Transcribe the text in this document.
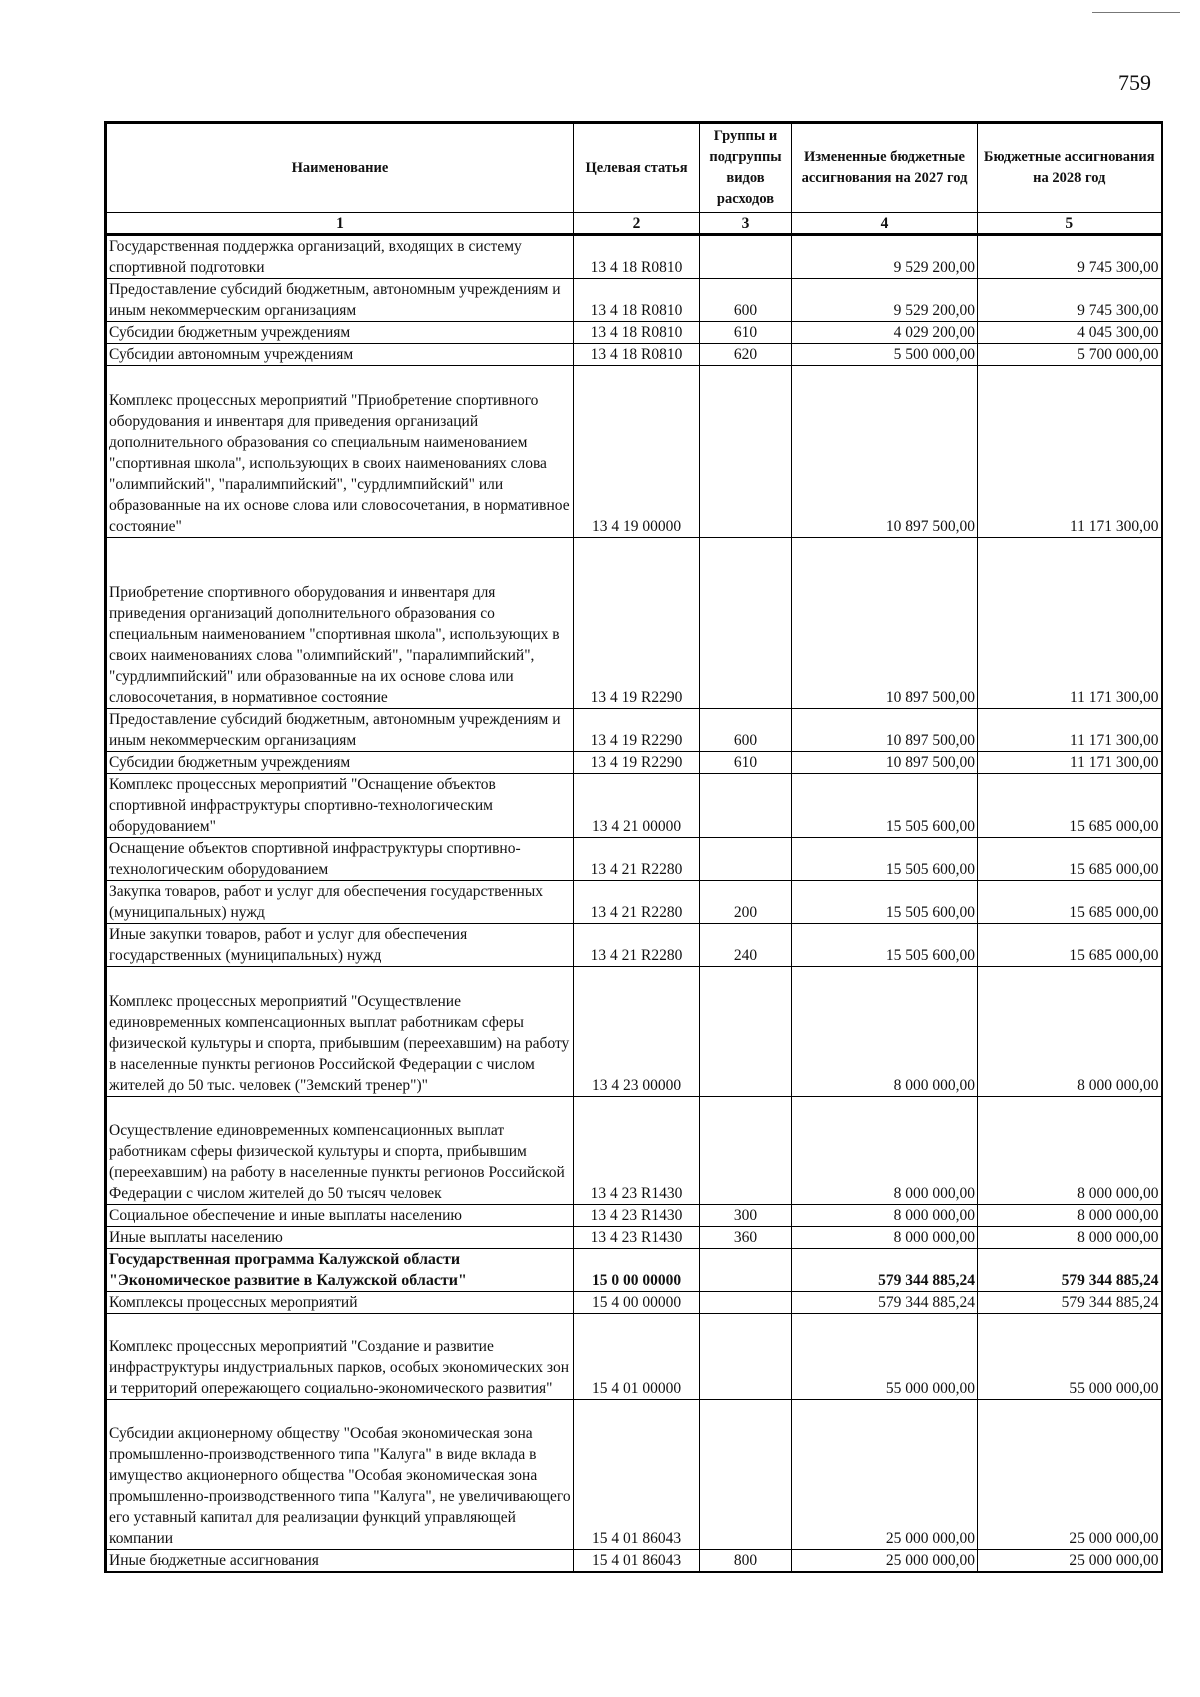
759
Наименование	Целевая статья	Группы и подгруппы видов расходов	Измененные бюджетные ассигнования на 2027 год	Бюджетные ассигнования на 2028 год
1	2	3	4	5
Государственная поддержка организаций, входящих в систему спортивной подготовки	13 4 18 R0810		9 529 200,00	9 745 300,00
Предоставление субсидий бюджетным, автономным учреждениям и иным некоммерческим организациям	13 4 18 R0810	600	9 529 200,00	9 745 300,00
Субсидии бюджетным учреждениям	13 4 18 R0810	610	4 029 200,00	4 045 300,00
Субсидии автономным учреждениям	13 4 18 R0810	620	5 500 000,00	5 700 000,00
Комплекс процессных мероприятий "Приобретение спортивного оборудования и инвентаря для приведения организаций дополнительного образования со специальным наименованием "спортивная школа", использующих в своих наименованиях слова "олимпийский", "паралимпийский", "сурдлимпийский" или образованные на их основе слова или словосочетания, в нормативное состояние"	13 4 19 00000		10 897 500,00	11 171 300,00
Приобретение спортивного оборудования и инвентаря для приведения организаций дополнительного образования со специальным наименованием "спортивная школа", использующих в своих наименованиях слова "олимпийский", "паралимпийский", "сурдлимпийский" или образованные на их основе слова или словосочетания, в нормативное состояние	13 4 19 R2290		10 897 500,00	11 171 300,00
Предоставление субсидий бюджетным, автономным учреждениям и иным некоммерческим организациям	13 4 19 R2290	600	10 897 500,00	11 171 300,00
Субсидии бюджетным учреждениям	13 4 19 R2290	610	10 897 500,00	11 171 300,00
Комплекс процессных мероприятий "Оснащение объектов спортивной инфраструктуры спортивно-технологическим оборудованием"	13 4 21 00000		15 505 600,00	15 685 000,00
Оснащение объектов спортивной инфраструктуры спортивно-технологическим оборудованием	13 4 21 R2280		15 505 600,00	15 685 000,00
Закупка товаров, работ и услуг для обеспечения государственных (муниципальных) нужд	13 4 21 R2280	200	15 505 600,00	15 685 000,00
Иные закупки товаров, работ и услуг для обеспечения государственных (муниципальных) нужд	13 4 21 R2280	240	15 505 600,00	15 685 000,00
Комплекс процессных мероприятий "Осуществление единовременных компенсационных выплат работникам сферы физической культуры и спорта, прибывшим (переехавшим) на работу в населенные пункты регионов Российской Федерации с числом жителей до 50 тыс. человек ("Земский тренер")"	13 4 23 00000		8 000 000,00	8 000 000,00
Осуществление единовременных компенсационных выплат работникам сферы физической культуры и спорта, прибывшим (переехавшим) на работу в населенные пункты регионов Российской Федерации с числом жителей до 50 тысяч человек	13 4 23 R1430		8 000 000,00	8 000 000,00
Социальное обеспечение и иные выплаты населению	13 4 23 R1430	300	8 000 000,00	8 000 000,00
Иные выплаты населению	13 4 23 R1430	360	8 000 000,00	8 000 000,00
Государственная программа Калужской области "Экономическое развитие в Калужской области"	15 0 00 00000		579 344 885,24	579 344 885,24
Комплексы процессных мероприятий	15 4 00 00000		579 344 885,24	579 344 885,24
Комплекс процессных мероприятий "Создание и развитие инфраструктуры индустриальных парков, особых экономических зон и территорий опережающего социально-экономического развития"	15 4 01 00000		55 000 000,00	55 000 000,00
Субсидии акционерному обществу "Особая экономическая зона промышленно-производственного типа "Калуга" в виде вклада в имущество акционерного общества "Особая экономическая зона промышленно-производственного типа "Калуга", не увеличивающего его уставный капитал для реализации функций управляющей компании	15 4 01 86043		25 000 000,00	25 000 000,00
Иные бюджетные ассигнования	15 4 01 86043	800	25 000 000,00	25 000 000,00
